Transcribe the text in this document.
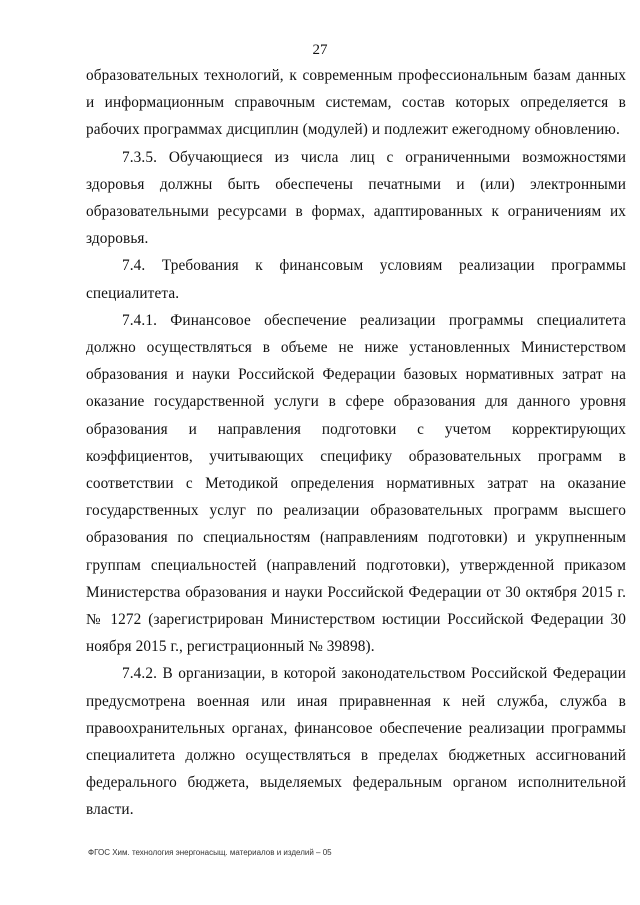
27

образовательных технологий, к современным профессиональным базам данных и информационным справочным системам, состав которых определяется в рабочих программах дисциплин (модулей) и подлежит ежегодному обновлению.

7.3.5. Обучающиеся из числа лиц с ограниченными возможностями здоровья должны быть обеспечены печатными и (или) электронными образовательными ресурсами в формах, адаптированных к ограничениям их здоровья.

7.4. Требования к финансовым условиям реализации программы специалитета.

7.4.1. Финансовое обеспечение реализации программы специалитета должно осуществляться в объеме не ниже установленных Министерством образования и науки Российской Федерации базовых нормативных затрат на оказание государственной услуги в сфере образования для данного уровня образования и направления подготовки с учетом корректирующих коэффициентов, учитывающих специфику образовательных программ в соответствии с Методикой определения нормативных затрат на оказание государственных услуг по реализации образовательных программ высшего образования по специальностям (направлениям подготовки) и укрупненным группам специальностей (направлений подготовки), утвержденной приказом Министерства образования и науки Российской Федерации от 30 октября 2015 г. № 1272 (зарегистрирован Министерством юстиции Российской Федерации 30 ноября 2015 г., регистрационный № 39898).

7.4.2. В организации, в которой законодательством Российской Федерации предусмотрена военная или иная приравненная к ней служба, служба в правоохранительных органах, финансовое обеспечение реализации программы специалитета должно осуществляться в пределах бюджетных ассигнований федерального бюджета, выделяемых федеральным органом исполнительной власти.

ФГОС Хим. технология энергонасыщ. материалов и изделий – 05
